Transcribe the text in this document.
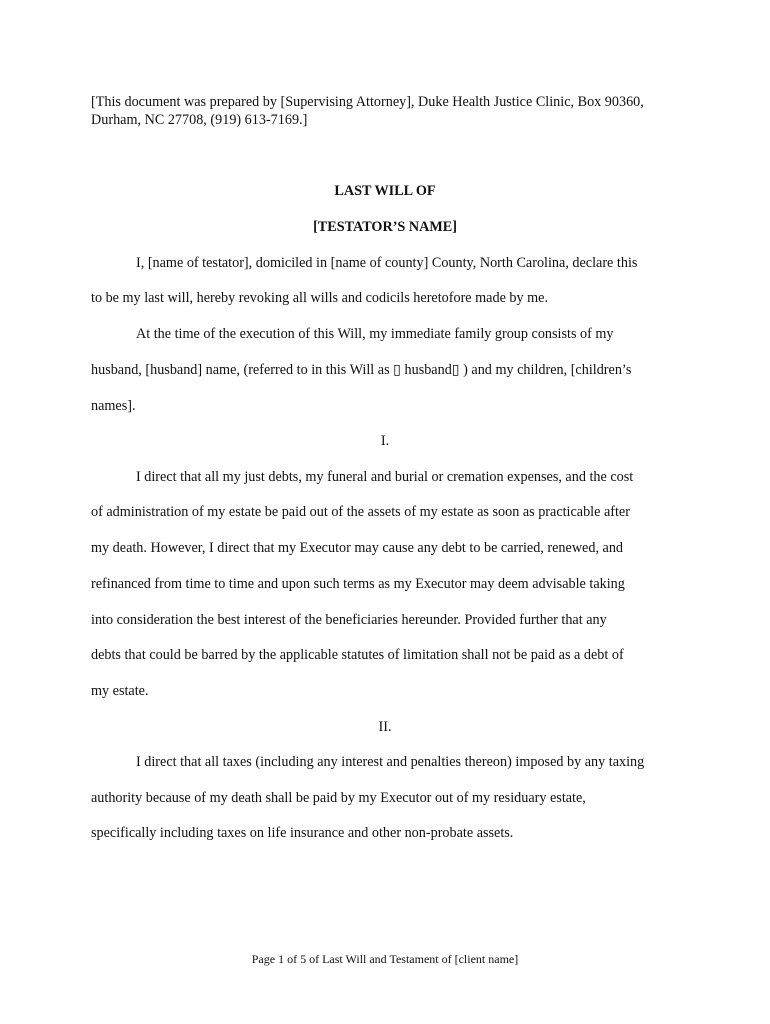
[This document was prepared by [Supervising Attorney], Duke Health Justice Clinic, Box 90360, Durham, NC 27708, (919) 613-7169.]
LAST WILL OF
[TESTATOR’S NAME]
I, [name of testator], domiciled in [name of county] County, North Carolina, declare this
to be my last will, hereby revoking all wills and codicils heretofore made by me.
At the time of the execution of this Will, my immediate family group consists of my
husband, [husband] name, (referred to in this Will as ▯ husband▯ ) and my children, [children’s
names].
I.
I direct that all my just debts, my funeral and burial or cremation expenses, and the cost
of administration of my estate be paid out of the assets of my estate as soon as practicable after
my death. However, I direct that my Executor may cause any debt to be carried, renewed, and
refinanced from time to time and upon such terms as my Executor may deem advisable taking
into consideration the best interest of the beneficiaries hereunder. Provided further that any
debts that could be barred by the applicable statutes of limitation shall not be paid as a debt of
my estate.
II.
I direct that all taxes (including any interest and penalties thereon) imposed by any taxing
authority because of my death shall be paid by my Executor out of my residuary estate,
specifically including taxes on life insurance and other non-probate assets.
Page 1 of 5 of Last Will and Testament of [client name]
